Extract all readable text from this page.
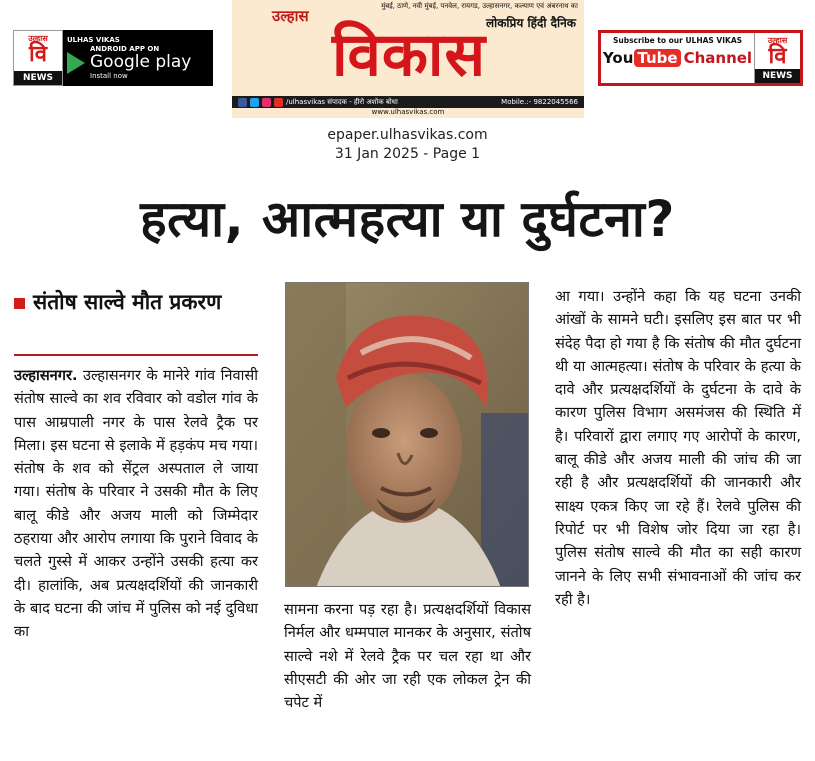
उल्हास
वि
NEWS
ULHAS VIKAS
ANDROID APP ON
Google play
Install now
उल्हास
मुंबई, ठाणे, नवी मुंबई, पनवेल, रायगड, उल्हासनगर, कल्याण एवं अंबरनाथ का
लोकप्रिय हिंदी दैनिक
विकास
/ulhasvikas संपादक - हीरो अशोक बोधा	Mobile.:- 9822045566
www.ulhasvikas.com
Subscribe to our ULHAS VIKAS
You Tube Channel
उल्हास
वि
NEWS
epaper.ulhasvikas.com
31 Jan 2025 - Page 1
हत्या, आत्महत्या या दुर्घटना?
संतोष साल्वे मौत प्रकरण

उल्हासनगर. उल्हासनगर के मानेरे गांव निवासी संतोष साल्वे का शव रविवार को वडोल गांव के पास आम्रपाली नगर के पास रेलवे ट्रैक पर मिला। इस घटना से इलाके में हड़कंप मच गया। संतोष के शव को सेंट्रल अस्पताल ले जाया गया। संतोष के परिवार ने उसकी मौत के लिए बालू कीडे और अजय माली को जिम्मेदार ठहराया और आरोप लगाया कि पुराने विवाद के चलते गुस्से में आकर उन्होंने उसकी हत्या कर दी। हालांकि, अब प्रत्यक्षदर्शियों की जानकारी के बाद घटना की जांच में पुलिस को नई दुविधा का

सामना करना पड़ रहा है। प्रत्यक्षदर्शियों विकास निर्मल और धम्मपाल मानकर के अनुसार, संतोष साल्वे नशे में रेलवे ट्रैक पर चल रहा था और सीएसटी की ओर जा रही एक लोकल ट्रेन की चपेट में

आ गया। उन्होंने कहा कि यह घटना उनकी आंखों के सामने घटी। इसलिए इस बात पर भी संदेह पैदा हो गया है कि संतोष की मौत दुर्घटना थी या आत्महत्या। संतोष के परिवार के हत्या के दावे और प्रत्यक्षदर्शियों के दुर्घटना के दावे के कारण पुलिस विभाग असमंजस की स्थिति में है। परिवारों द्वारा लगाए गए आरोपों के कारण, बालू कीडे और अजय माली की जांच की जा रही है और प्रत्यक्षदर्शियों की जानकारी और साक्ष्य एकत्र किए जा रहे हैं। रेलवे पुलिस की रिपोर्ट पर भी विशेष जोर दिया जा रहा है। पुलिस संतोष साल्वे की मौत का सही कारण जानने के लिए सभी संभावनाओं की जांच कर रही है।
